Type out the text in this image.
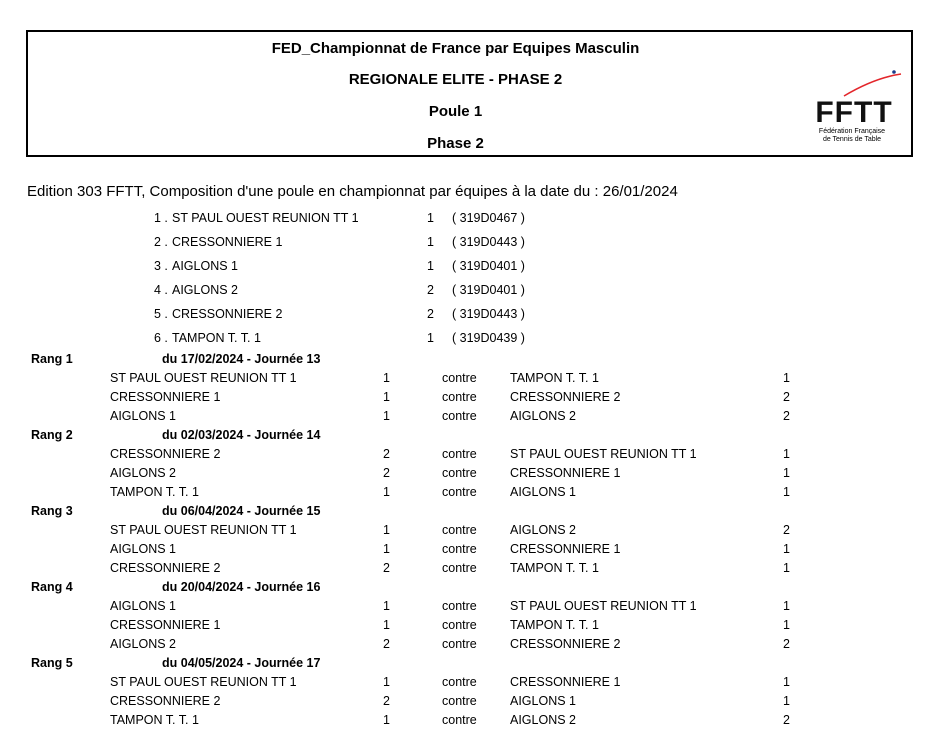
FED_Championnat de France par Equipes Masculin
REGIONALE ELITE - PHASE 2
Poule 1
Phase 2
FFTT
Fédération Française
de Tennis de Table
Edition 303 FFTT, Composition d'une poule en championnat par équipes à la date du : 26/01/2024
1 . ST PAUL OUEST REUNION TT 1	1 ( 319D0467 )
2 . CRESSONNIERE 1	1 ( 319D0443 )
3 . AIGLONS 1	1 ( 319D0401 )
4 . AIGLONS 2	2 ( 319D0401 )
5 . CRESSONNIERE 2	2 ( 319D0443 )
6 . TAMPON T. T. 1	1 ( 319D0439 )
Rang 1	du 17/02/2024 - Journée 13
ST PAUL OUEST REUNION TT 1	1	contre	TAMPON T. T. 1	1
CRESSONNIERE 1	1	contre	CRESSONNIERE 2	2
AIGLONS 1	1	contre	AIGLONS 2	2
Rang 2	du 02/03/2024 - Journée 14
CRESSONNIERE 2	2	contre	ST PAUL OUEST REUNION TT 1	1
AIGLONS 2	2	contre	CRESSONNIERE 1	1
TAMPON T. T. 1	1	contre	AIGLONS 1	1
Rang 3	du 06/04/2024 - Journée 15
ST PAUL OUEST REUNION TT 1	1	contre	AIGLONS 2	2
AIGLONS 1	1	contre	CRESSONNIERE 1	1
CRESSONNIERE 2	2	contre	TAMPON T. T. 1	1
Rang 4	du 20/04/2024 - Journée 16
AIGLONS 1	1	contre	ST PAUL OUEST REUNION TT 1	1
CRESSONNIERE 1	1	contre	TAMPON T. T. 1	1
AIGLONS 2	2	contre	CRESSONNIERE 2	2
Rang 5	du 04/05/2024 - Journée 17
ST PAUL OUEST REUNION TT 1	1	contre	CRESSONNIERE 1	1
CRESSONNIERE 2	2	contre	AIGLONS 1	1
TAMPON T. T. 1	1	contre	AIGLONS 2	2
